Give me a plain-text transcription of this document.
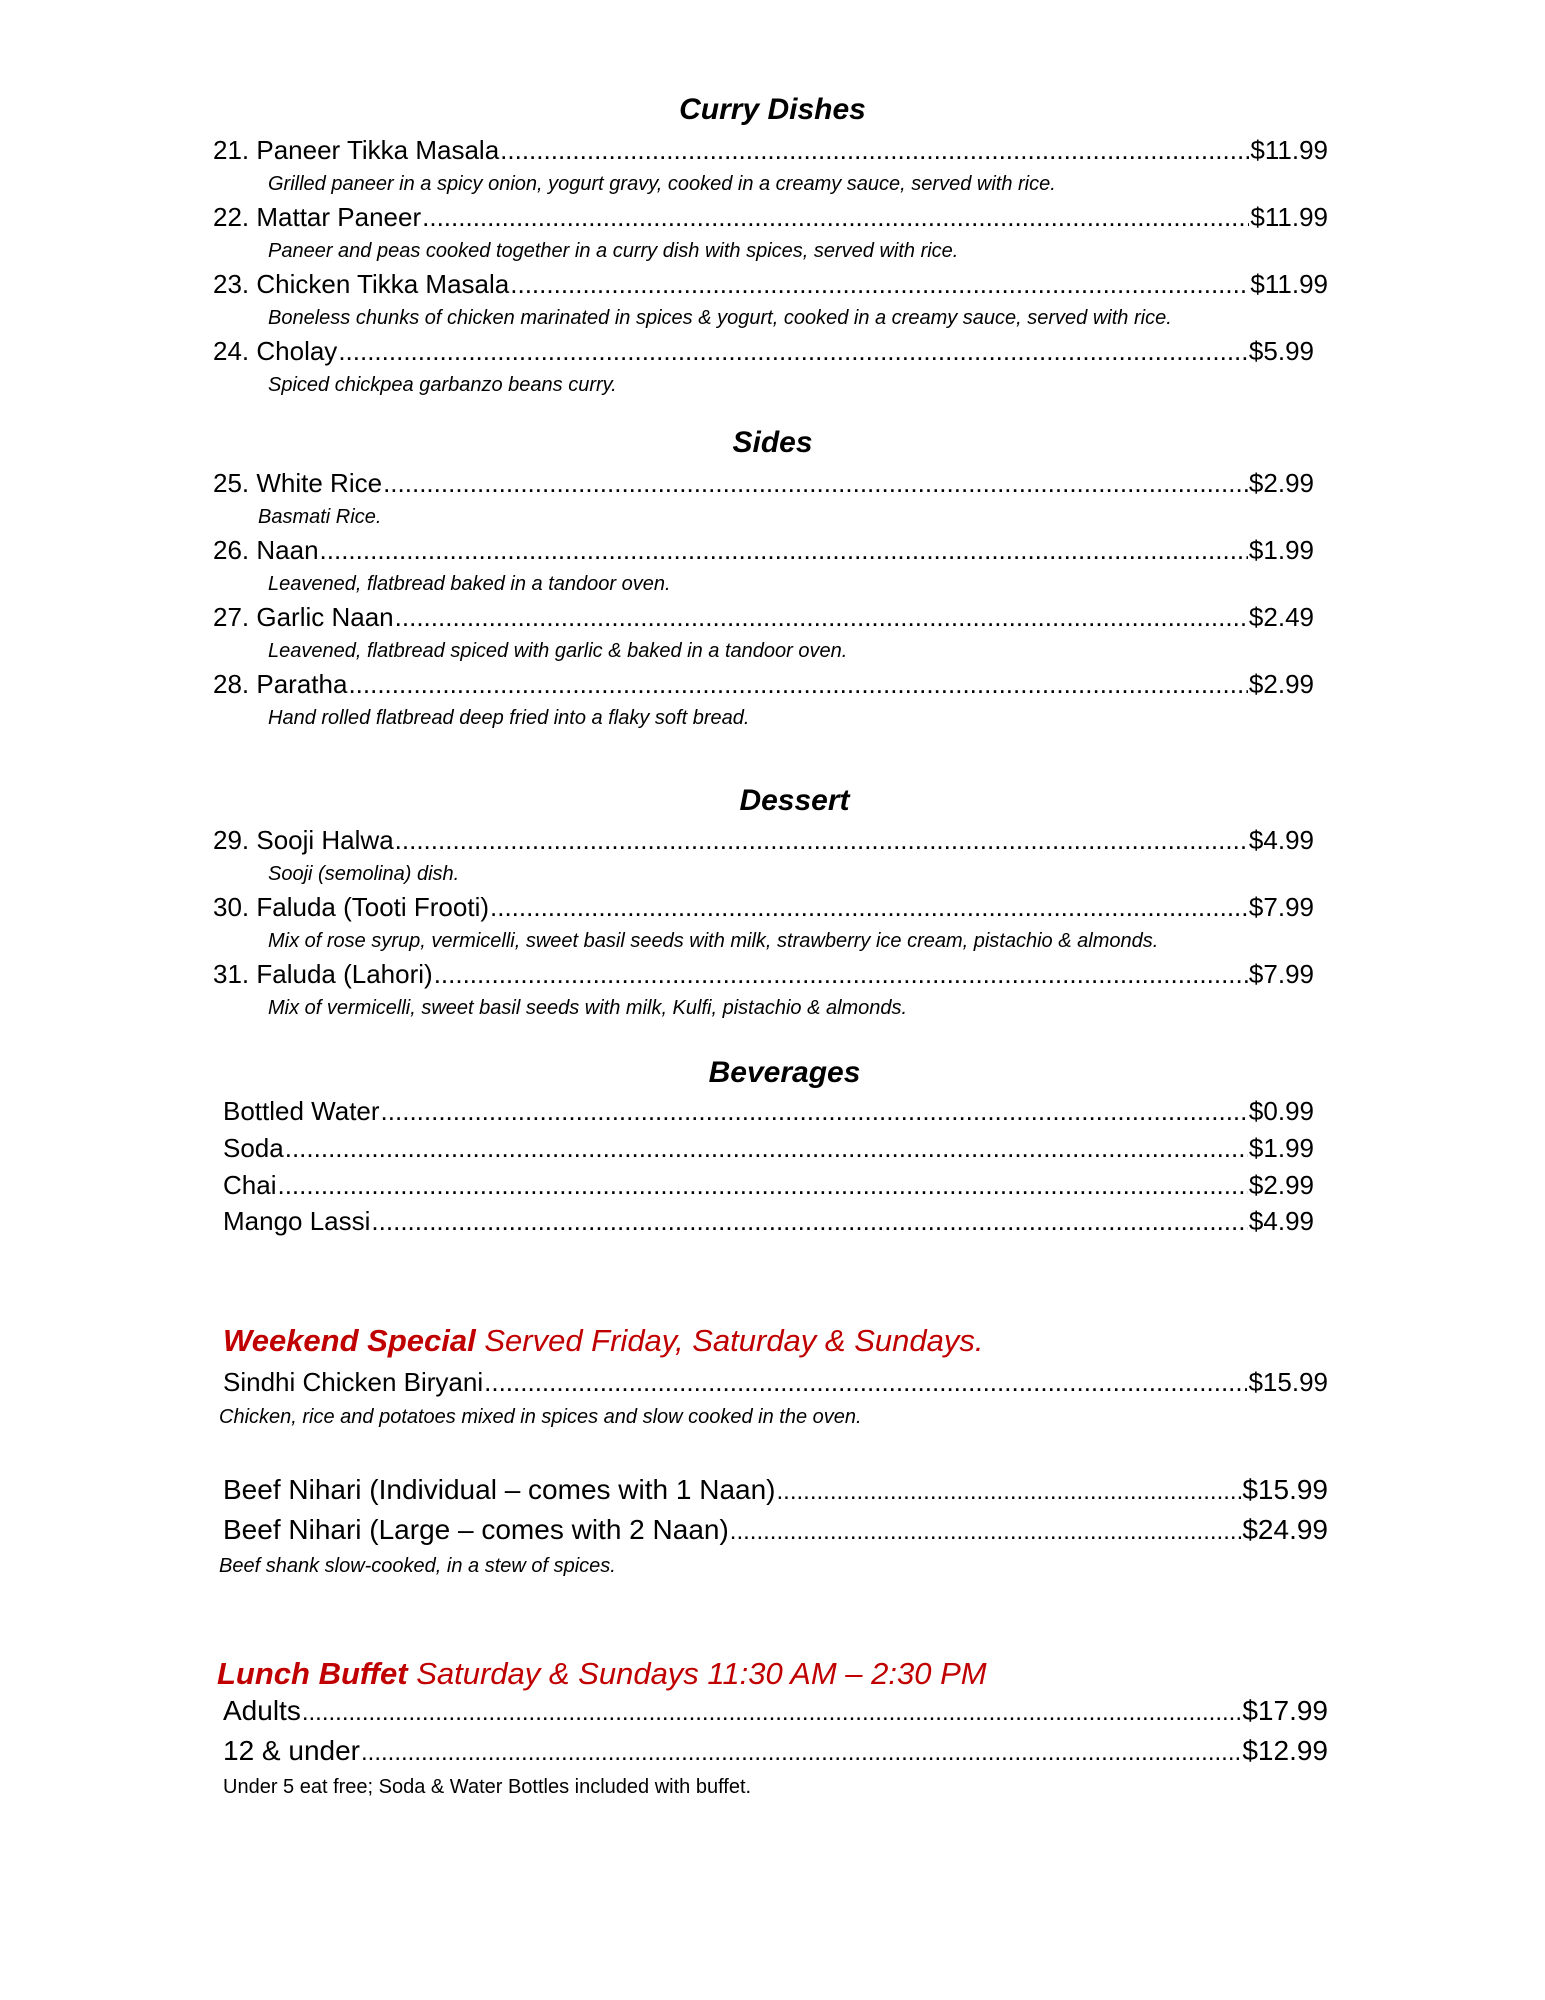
Curry Dishes
21. Paneer Tikka Masala .....	$11.99
Grilled paneer in a spicy onion, yogurt gravy, cooked in a creamy sauce, served with rice.
22. Mattar Paneer .....	$11.99
Paneer and peas cooked together in a curry dish with spices, served with rice.
23. Chicken Tikka Masala .....	$11.99
Boneless chunks of chicken marinated in spices & yogurt, cooked in a creamy sauce, served with rice.
24. Cholay .....	$5.99
Spiced chickpea garbanzo beans curry.
Sides
25. White Rice .....	$2.99
Basmati Rice.
26. Naan .....	$1.99
Leavened, flatbread baked in a tandoor oven.
27. Garlic Naan .....	$2.49
Leavened, flatbread spiced with garlic & baked in a tandoor oven.
28. Paratha .....	$2.99
Hand rolled flatbread deep fried into a flaky soft bread.
Dessert
29. Sooji Halwa .....	$4.99
Sooji (semolina) dish.
30. Faluda (Tooti Frooti) .....	$7.99
Mix of rose syrup, vermicelli, sweet basil seeds with milk, strawberry ice cream, pistachio & almonds.
31. Faluda (Lahori) .....	$7.99
Mix of vermicelli, sweet basil seeds with milk, Kulfi, pistachio & almonds.
Beverages
Bottled Water .....	$0.99
Soda .....	$1.99
Chai .....	$2.99
Mango Lassi .....	$4.99
Weekend Special Served Friday, Saturday & Sundays.
Sindhi Chicken Biryani .....	$15.99
Chicken, rice and potatoes mixed in spices and slow cooked in the oven.
Beef Nihari (Individual – comes with 1 Naan) .....	$15.99
Beef Nihari (Large – comes with 2 Naan) .....	$24.99
Beef shank slow-cooked, in a stew of spices.
Lunch Buffet Saturday & Sundays 11:30 AM – 2:30 PM
Adults .....	$17.99
12 & under .....	$12.99
Under 5 eat free; Soda & Water Bottles included with buffet.
